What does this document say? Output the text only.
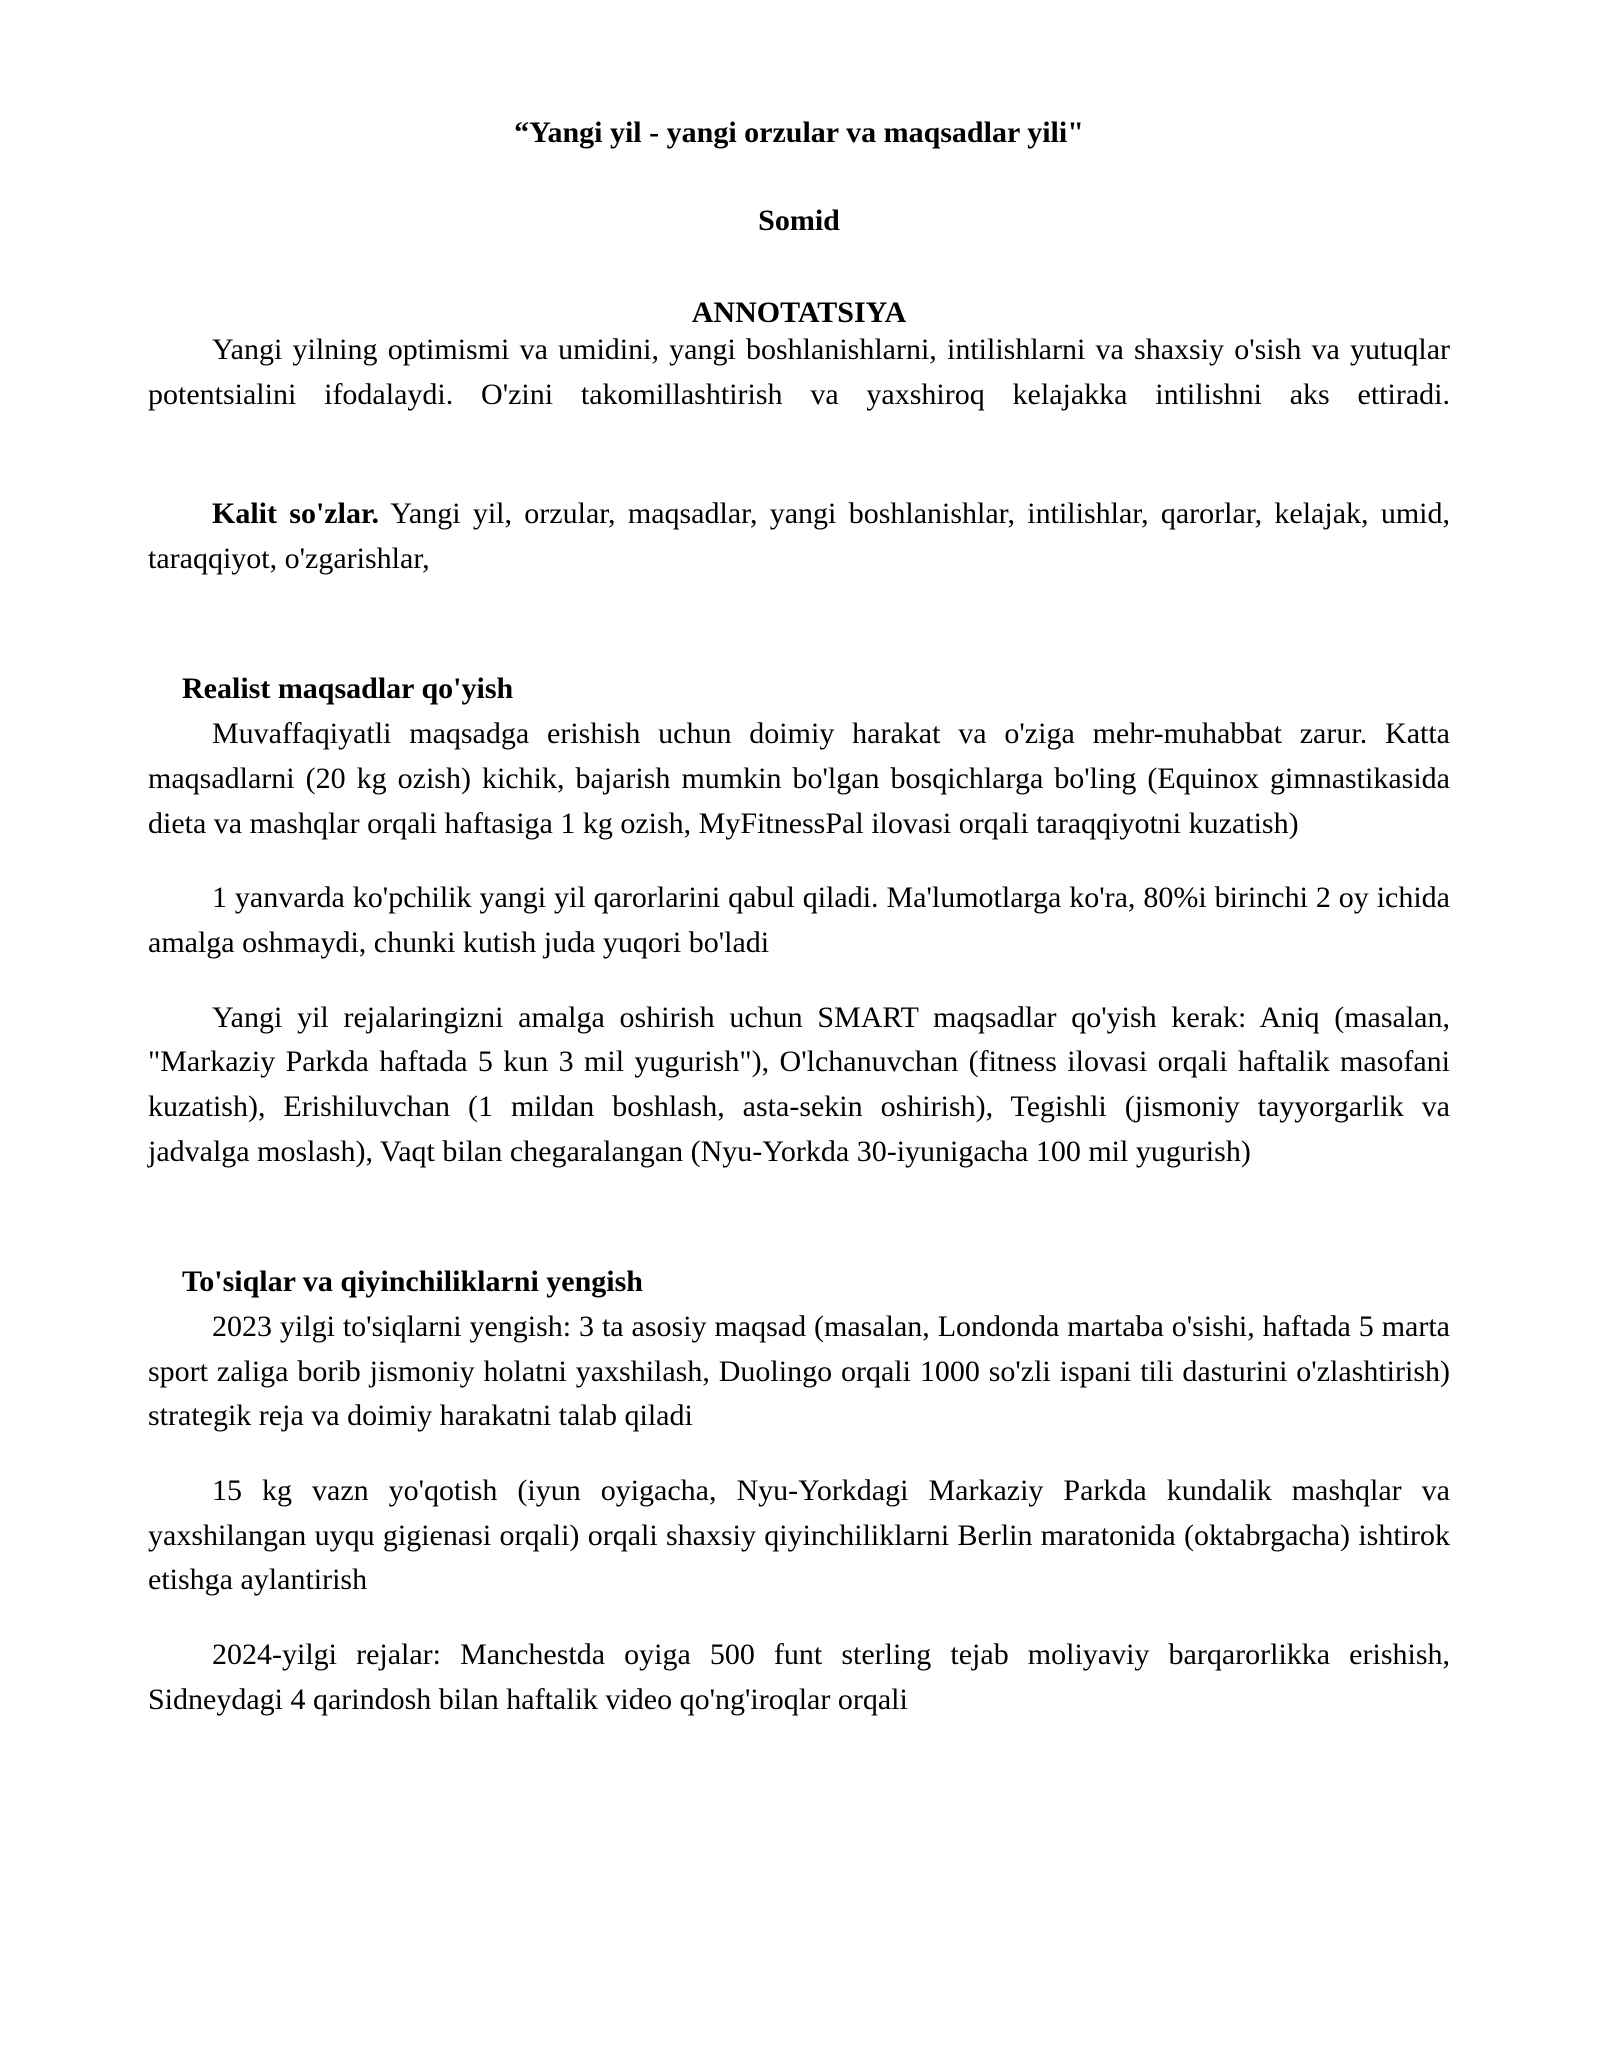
“Yangi yil - yangi orzular va maqsadlar yili"
Somid
ANNOTATSIYA

Yangi yilning optimismi va umidini, yangi boshlanishlarni, intilishlarni va shaxsiy o'sish va yutuqlar potentsialini ifodalaydi. O'zini takomillashtirish va yaxshiroq kelajakka intilishni aks ettiradi.

Kalit so'zlar. Yangi yil, orzular, maqsadlar, yangi boshlanishlar, intilishlar, qarorlar, kelajak, umid, taraqqiyot, o'zgarishlar,

Realist maqsadlar qo'yish

Muvaffaqiyatli maqsadga erishish uchun doimiy harakat va o'ziga mehr-muhabbat zarur. Katta maqsadlarni (20 kg ozish) kichik, bajarish mumkin bo'lgan bosqichlarga bo'ling (Equinox gimnastikasida dieta va mashqlar orqali haftasiga 1 kg ozish, MyFitnessPal ilovasi orqali taraqqiyotni kuzatish)

1 yanvarda ko'pchilik yangi yil qarorlarini qabul qiladi. Ma'lumotlarga ko'ra, 80%i birinchi 2 oy ichida amalga oshmaydi, chunki kutish juda yuqori bo'ladi

Yangi yil rejalaringizni amalga oshirish uchun SMART maqsadlar qo'yish kerak: Aniq (masalan, "Markaziy Parkda haftada 5 kun 3 mil yugurish"), O'lchanuvchan (fitness ilovasi orqali haftalik masofani kuzatish), Erishiluvchan (1 mildan boshlash, asta-sekin oshirish), Tegishli (jismoniy tayyorgarlik va jadvalga moslash), Vaqt bilan chegaralangan (Nyu-Yorkda 30-iyunigacha 100 mil yugurish)

To'siqlar va qiyinchiliklarni yengish

2023 yilgi to'siqlarni yengish: 3 ta asosiy maqsad (masalan, Londonda martaba o'sishi, haftada 5 marta sport zaliga borib jismoniy holatni yaxshilash, Duolingo orqali 1000 so'zli ispani tili dasturini o'zlashtirish) strategik reja va doimiy harakatni talab qiladi

15 kg vazn yo'qotish (iyun oyigacha, Nyu-Yorkdagi Markaziy Parkda kundalik mashqlar va yaxshilangan uyqu gigienasi orqali) orqali shaxsiy qiyinchiliklarni Berlin maratonida (oktabrgacha) ishtirok etishga aylantirish

2024-yilgi rejalar: Manchestda oyiga 500 funt sterling tejab moliyaviy barqarorlikka erishish, Sidneydagi 4 qarindosh bilan haftalik video qo'ng'iroqlar orqali
